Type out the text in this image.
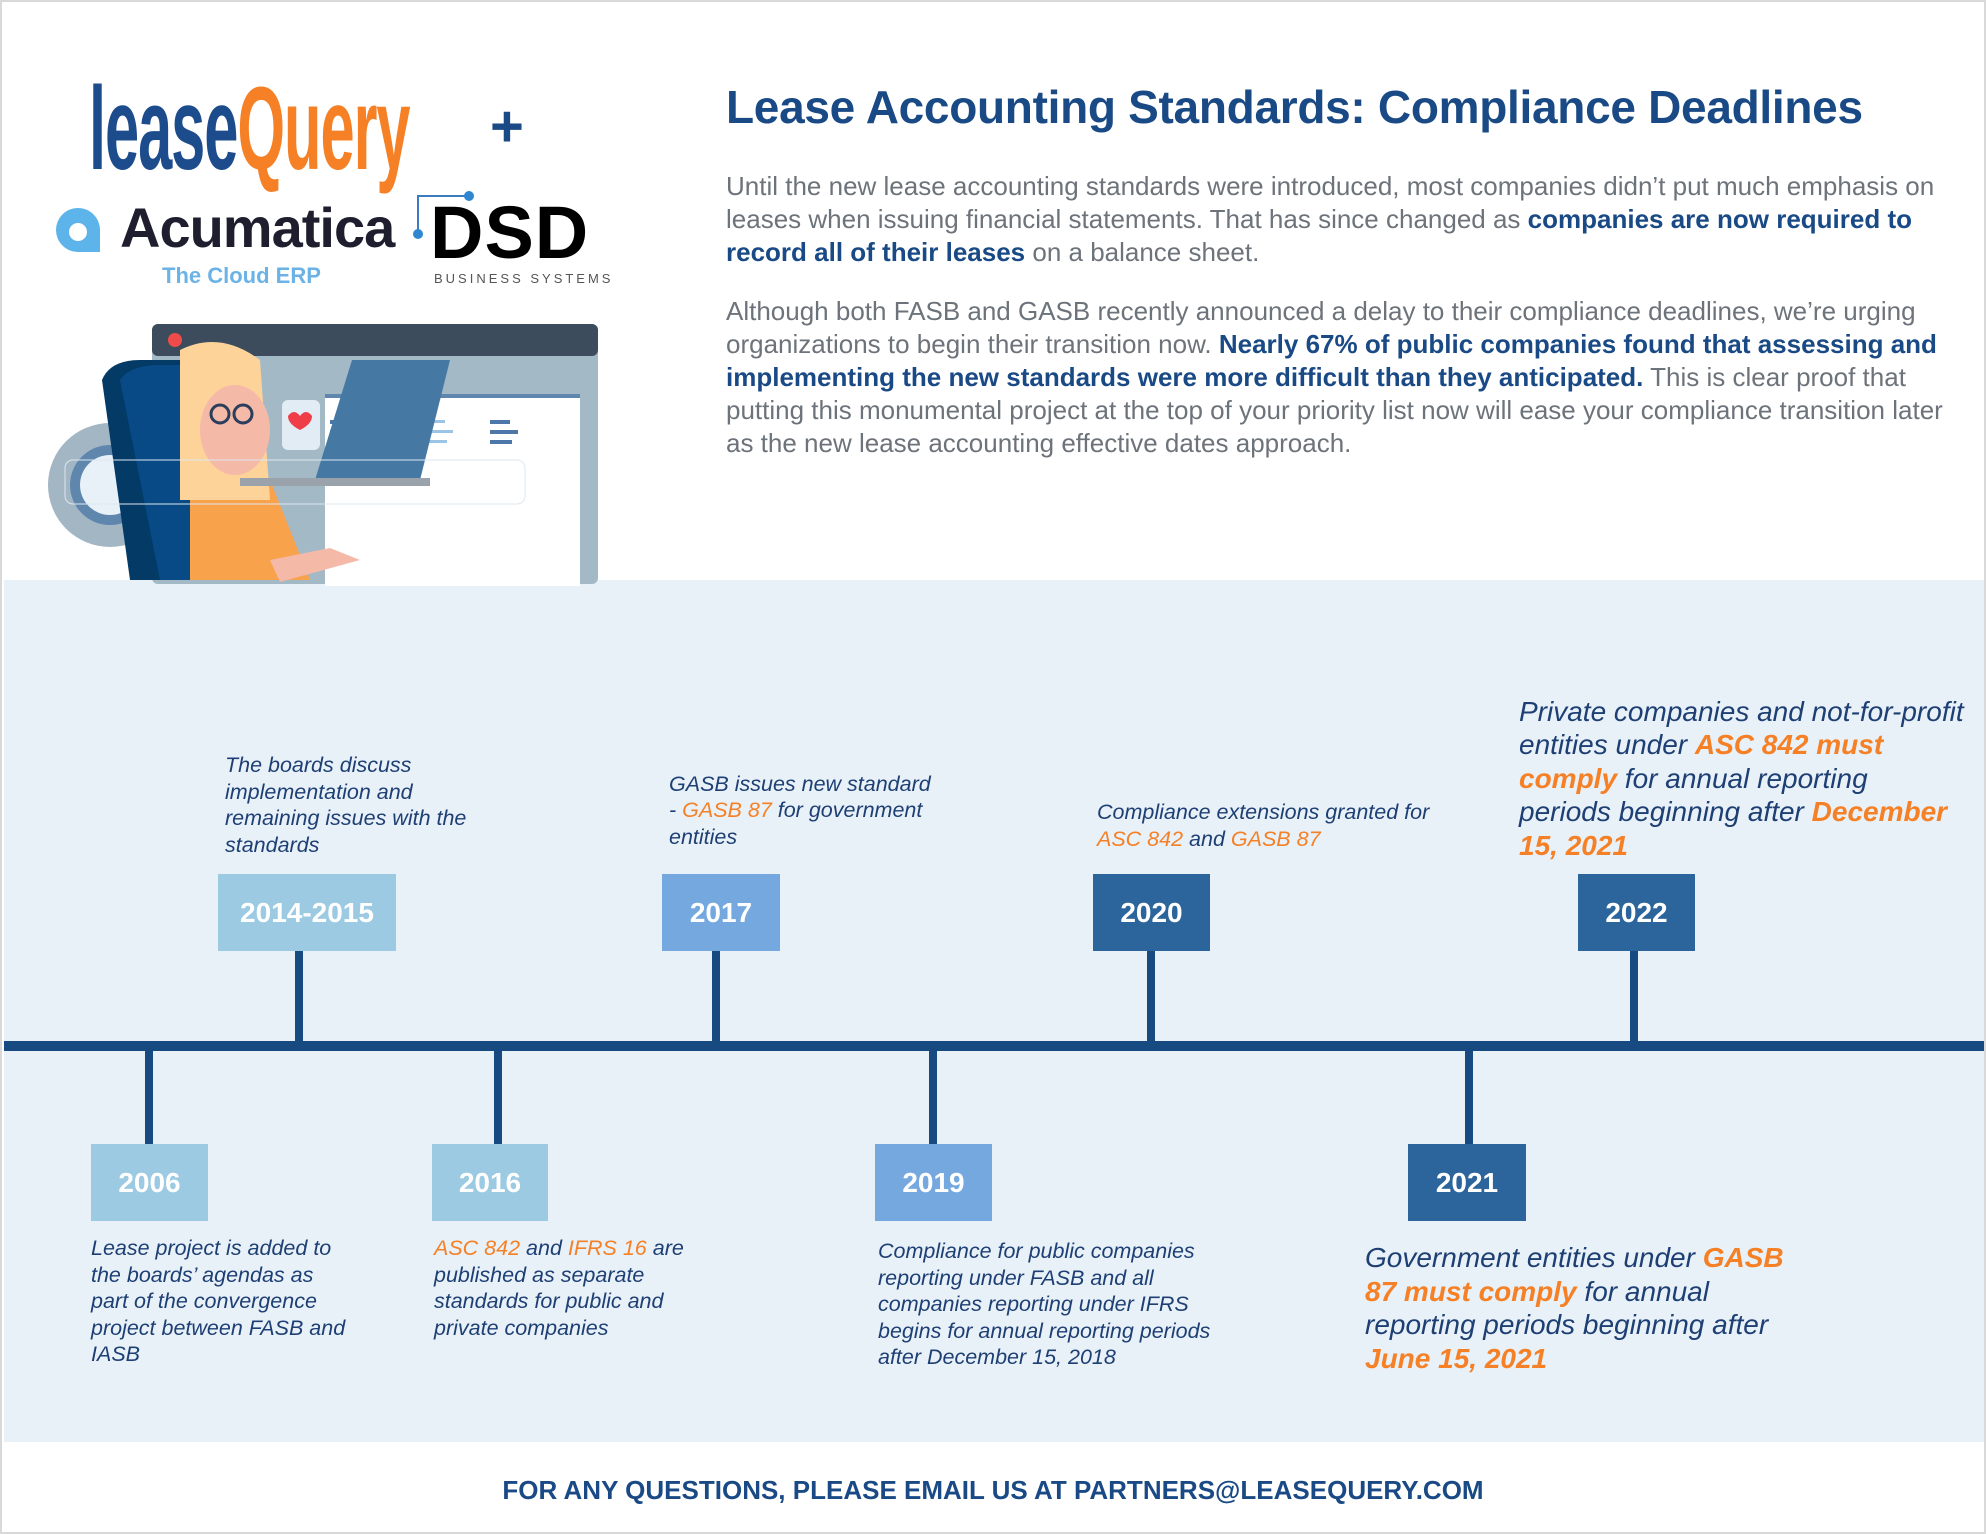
leaseQuery +
Acumatica
The Cloud ERP
DSD
BUSINESS SYSTEMS
Lease Accounting Standards: Compliance Deadlines

Until the new lease accounting standards were introduced, most companies didn’t put much emphasis on leases when issuing financial statements. That has since changed as companies are now required to record all of their leases on a balance sheet.

Although both FASB and GASB recently announced a delay to their compliance deadlines, we’re urging organizations to begin their transition now. Nearly 67% of public companies found that assessing and implementing the new standards were more difficult than they anticipated. This is clear proof that putting this monumental project at the top of your priority list now will ease your compliance transition later as the new lease accounting effective dates approach.

2014-2015	2017	2020	2022
The boards discuss implementation and remaining issues with the standards
GASB issues new standard - GASB 87 for government entities
Compliance extensions granted for ASC 842 and GASB 87
Private companies and not-for-profit entities under ASC 842 must comply for annual reporting periods beginning after December 15, 2021
2006	2016	2019	2021
Lease project is added to the boards’ agendas as part of the convergence project between FASB and IASB
ASC 842 and IFRS 16 are published as separate standards for public and private companies
Compliance for public companies reporting under FASB and all companies reporting under IFRS begins for annual reporting periods after December 15, 2018
Government entities under GASB 87 must comply for annual reporting periods beginning after June 15, 2021
FOR ANY QUESTIONS, PLEASE EMAIL US AT PARTNERS@LEASEQUERY.COM
